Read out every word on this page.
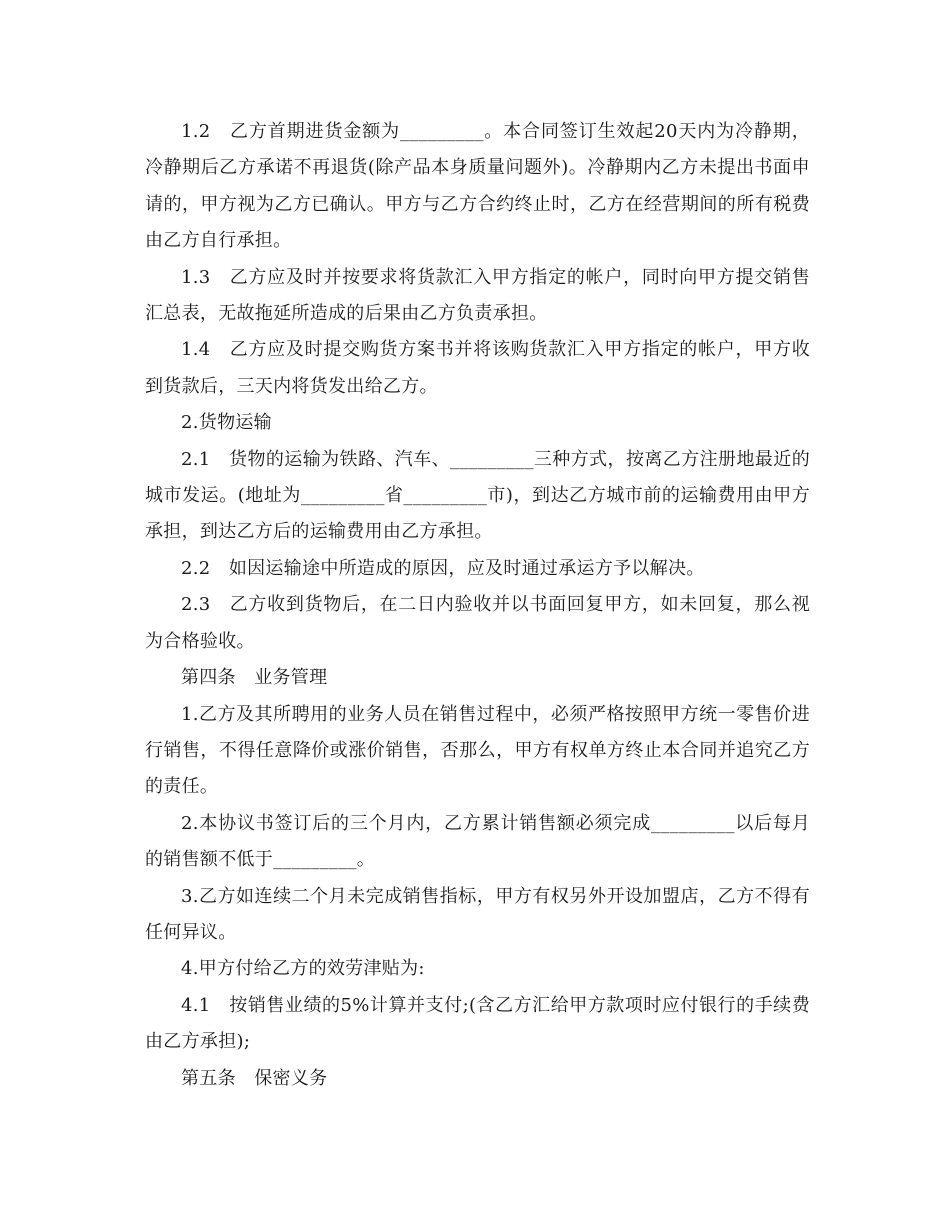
1.2　乙方首期进货金额为_________。本合同签订生效起20天内为冷静期，冷静期后乙方承诺不再退货(除产品本身质量问题外)。冷静期内乙方未提出书面申请的，甲方视为乙方已确认。甲方与乙方合约终止时，乙方在经营期间的所有税费由乙方自行承担。

1.3　乙方应及时并按要求将货款汇入甲方指定的帐户，同时向甲方提交销售汇总表，无故拖延所造成的后果由乙方负责承担。

1.4　乙方应及时提交购货方案书并将该购货款汇入甲方指定的帐户，甲方收到货款后，三天内将货发出给乙方。

2.货物运输

2.1　货物的运输为铁路、汽车、_________三种方式，按离乙方注册地最近的城市发运。(地址为_________省_________市)，到达乙方城市前的运输费用由甲方承担，到达乙方后的运输费用由乙方承担。

2.2　如因运输途中所造成的原因，应及时通过承运方予以解决。

2.3　乙方收到货物后，在二日内验收并以书面回复甲方，如未回复，那么视为合格验收。

第四条　业务管理

1.乙方及其所聘用的业务人员在销售过程中，必须严格按照甲方统一零售价进行销售，不得任意降价或涨价销售，否那么，甲方有权单方终止本合同并追究乙方的责任。

2.本协议书签订后的三个月内，乙方累计销售额必须完成_________以后每月的销售额不低于_________。

3.乙方如连续二个月未完成销售指标，甲方有权另外开设加盟店，乙方不得有任何异议。

4.甲方付给乙方的效劳津贴为:

4.1　按销售业绩的5%计算并支付;(含乙方汇给甲方款项时应付银行的手续费由乙方承担);

第五条　保密义务
